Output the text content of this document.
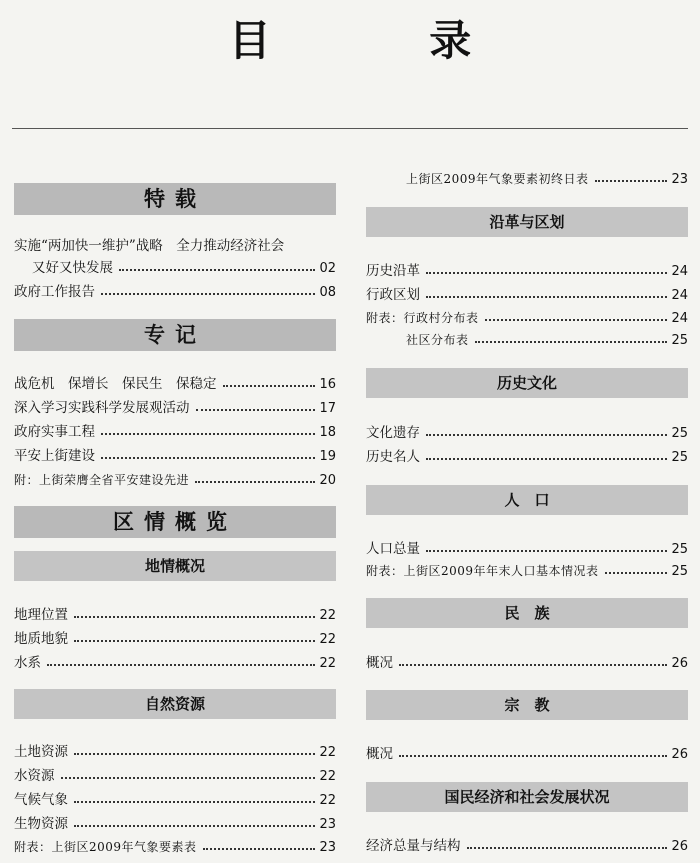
目 录
特载
实施“两加快一维护”战略　全力推动经济社会
又好又快发展	02
政府工作报告	08
专记
战危机　保增长　保民生　保稳定	16
深入学习实践科学发展观活动	17
政府实事工程	18
平安上街建设	19
附：上街荣膺全省平安建设先进	20
区情概览
地情概况
地理位置	22
地质地貌	22
水系	22
自然资源
土地资源	22
水资源	22
气候气象	22
生物资源	23
附表：上街区2009年气象要素表	23
上街区2009年气象要素初终日表	23
沿革与区划
历史沿革	24
行政区划	24
附表：行政村分布表	24
社区分布表	25
历史文化
文化遗存	25
历史名人	25
人　口
人口总量	25
附表：上街区2009年年末人口基本情况表	25
民　族
概况	26
宗　教
概况	26
国民经济和社会发展状况
经济总量与结构	26
